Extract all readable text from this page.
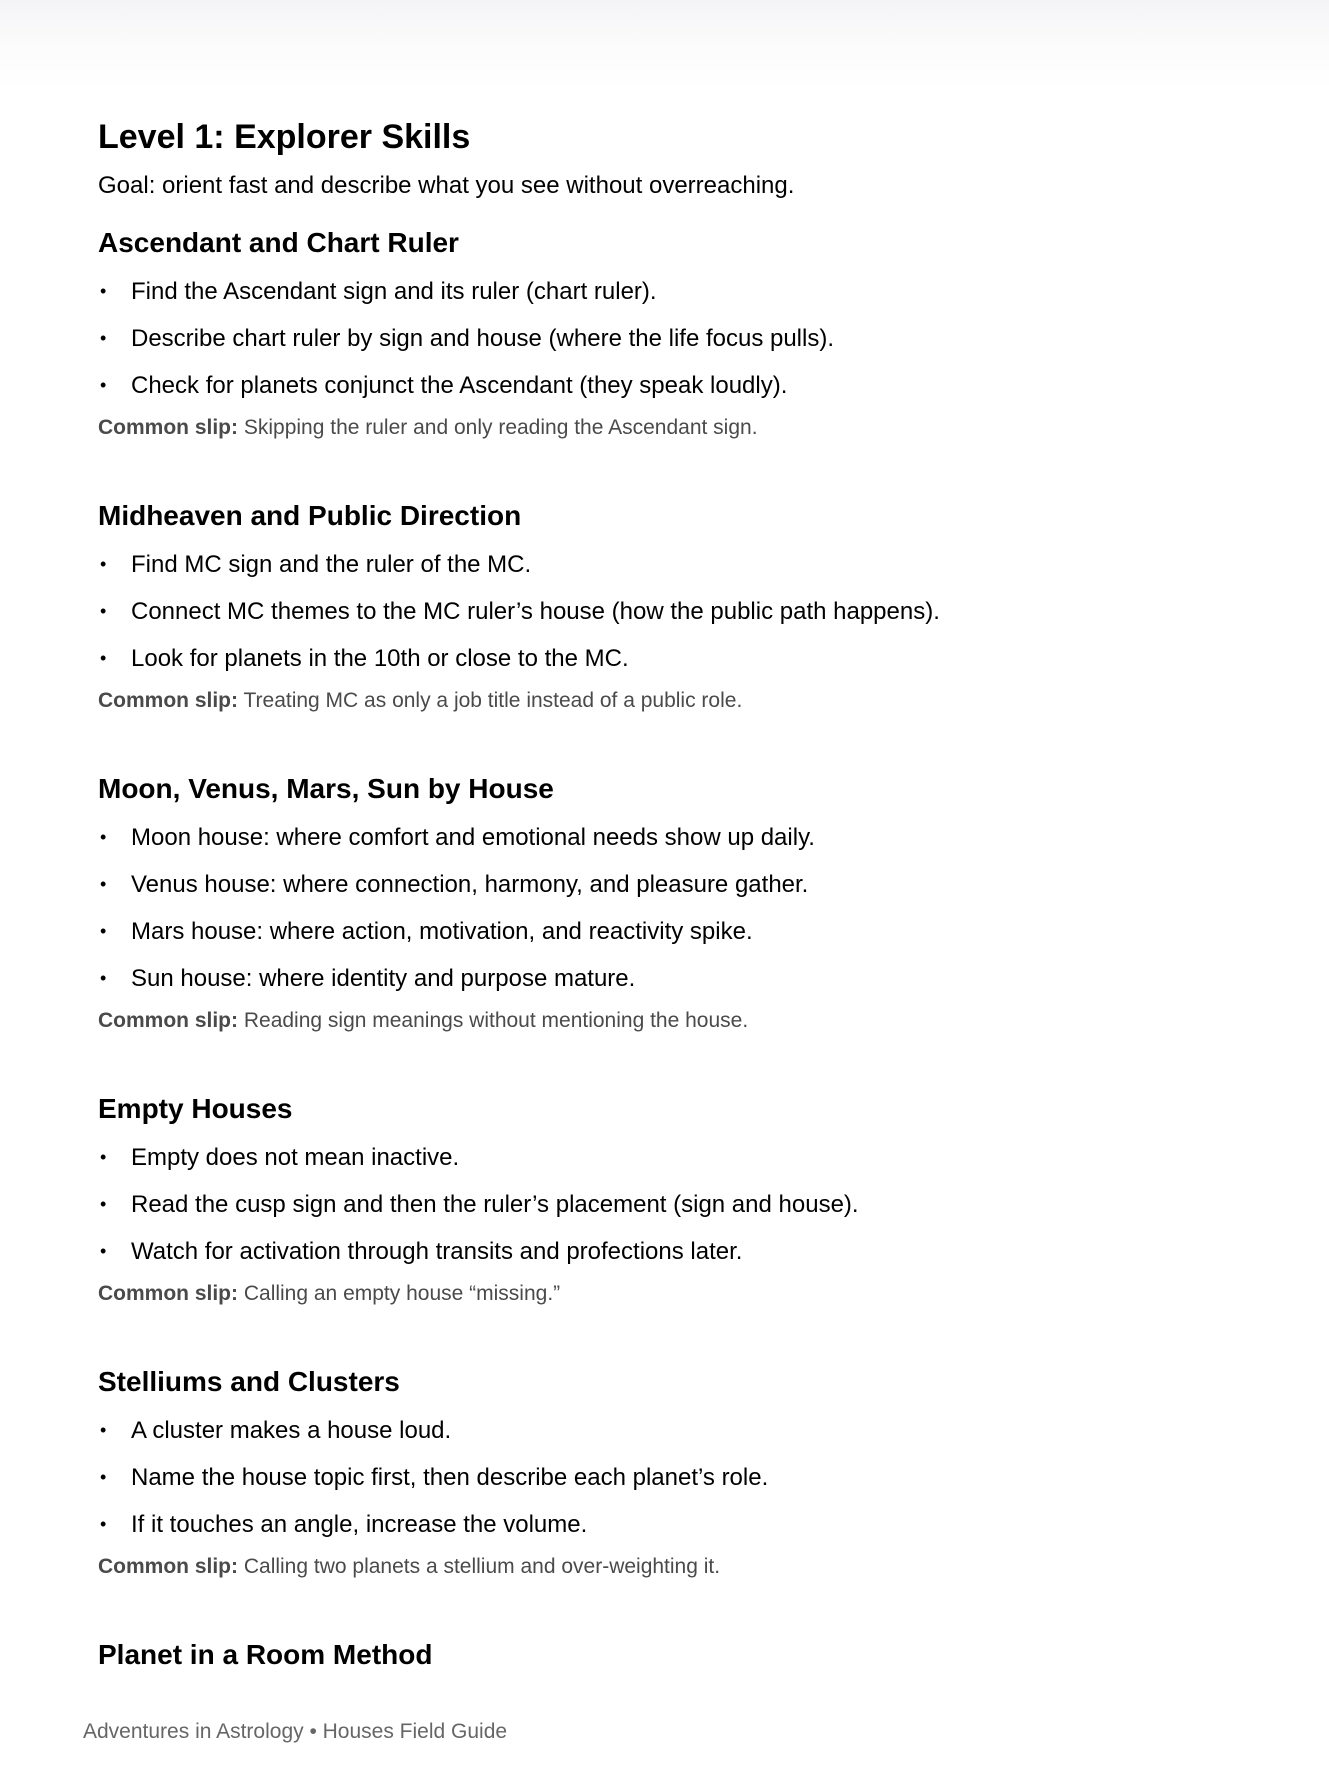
Level 1: Explorer Skills

Goal: orient fast and describe what you see without overreaching.

Ascendant and Chart Ruler
• Find the Ascendant sign and its ruler (chart ruler).
• Describe chart ruler by sign and house (where the life focus pulls).
• Check for planets conjunct the Ascendant (they speak loudly).
Common slip: Skipping the ruler and only reading the Ascendant sign.
Midheaven and Public Direction
• Find MC sign and the ruler of the MC.
• Connect MC themes to the MC ruler’s house (how the public path happens).
• Look for planets in the 10th or close to the MC.
Common slip: Treating MC as only a job title instead of a public role.
Moon, Venus, Mars, Sun by House
• Moon house: where comfort and emotional needs show up daily.
• Venus house: where connection, harmony, and pleasure gather.
• Mars house: where action, motivation, and reactivity spike.
• Sun house: where identity and purpose mature.
Common slip: Reading sign meanings without mentioning the house.
Empty Houses
• Empty does not mean inactive.
• Read the cusp sign and then the ruler’s placement (sign and house).
• Watch for activation through transits and profections later.
Common slip: Calling an empty house “missing.”
Stelliums and Clusters
• A cluster makes a house loud.
• Name the house topic first, then describe each planet’s role.
• If it touches an angle, increase the volume.
Common slip: Calling two planets a stellium and over-weighting it.
Planet in a Room Method
Adventures in Astrology • Houses Field Guide
